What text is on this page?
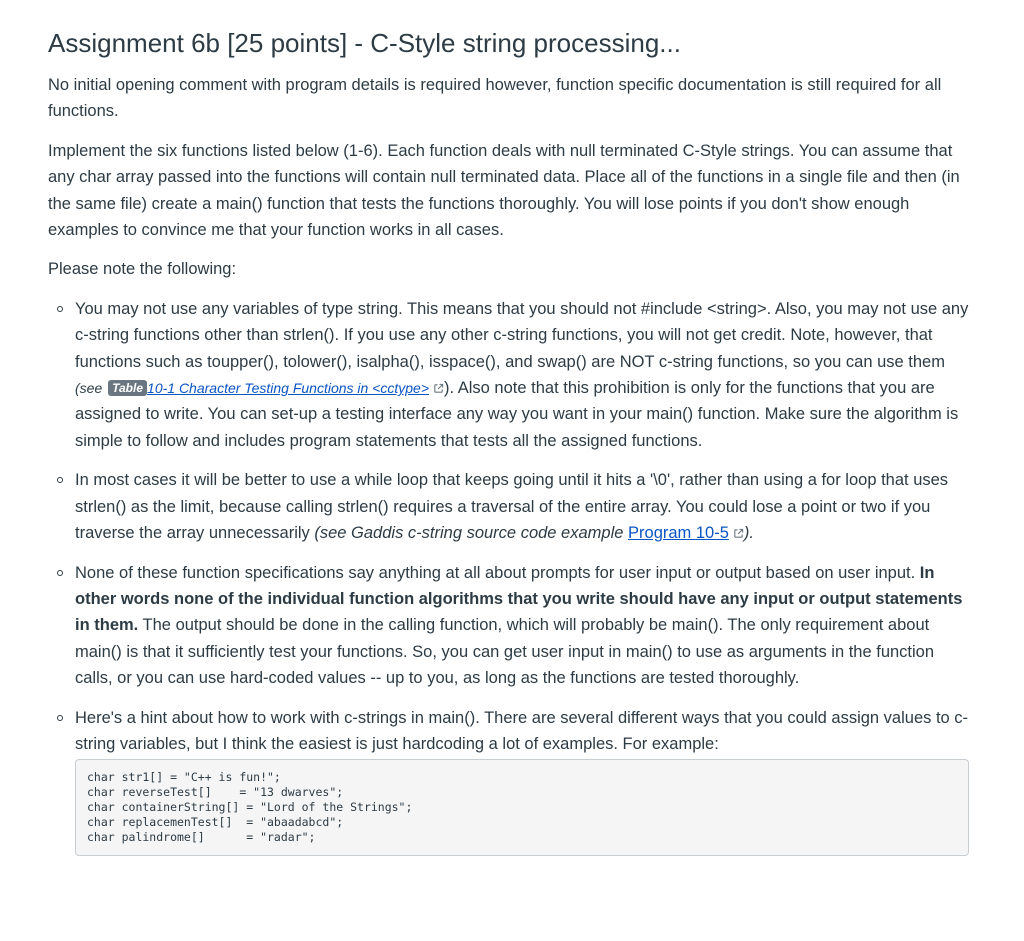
Assignment 6b [25 points] - C-Style string processing...

No initial opening comment with program details is required however, function specific documentation is still required for all functions.

Implement the six functions listed below (1-6). Each function deals with null terminated C-Style strings. You can assume that any char array passed into the functions will contain null terminated data. Place all of the functions in a single file and then (in the same file) create a main() function that tests the functions thoroughly. You will lose points if you don't show enough examples to convince me that your function works in all cases.

Please note the following:

You may not use any variables of type string. This means that you should not #include <string>. Also, you may not use any c-string functions other than strlen(). If you use any other c-string functions, you will not get credit. Note, however, that functions such as toupper(), tolower(), isalpha(), isspace(), and swap() are NOT c-string functions, so you can use them (see Table 10-1 Character Testing Functions in <cctype> ). Also note that this prohibition is only for the functions that you are assigned to write. You can set-up a testing interface any way you want in your main() function. Make sure the algorithm is simple to follow and includes program statements that tests all the assigned functions.
In most cases it will be better to use a while loop that keeps going until it hits a '\0', rather than using a for loop that uses strlen() as the limit, because calling strlen() requires a traversal of the entire array. You could lose a point or two if you traverse the array unnecessarily (see Gaddis c-string source code example Program 10-5 ).
None of these function specifications say anything at all about prompts for user input or output based on user input. In other words none of the individual function algorithms that you write should have any input or output statements in them. The output should be done in the calling function, which will probably be main(). The only requirement about main() is that it sufficiently test your functions. So, you can get user input in main() to use as arguments in the function calls, or you can use hard-coded values -- up to you, as long as the functions are tested thoroughly.
Here's a hint about how to work with c-strings in main(). There are several different ways that you could assign values to c-string variables, but I think the easiest is just hardcoding a lot of examples. For example:
char str1[] = "C++ is fun!";
char reverseTest[]    = "13 dwarves";
char containerString[] = "Lord of the Strings";
char replacemenTest[]  = "abaadabcd";
char palindrome[]      = "radar";
